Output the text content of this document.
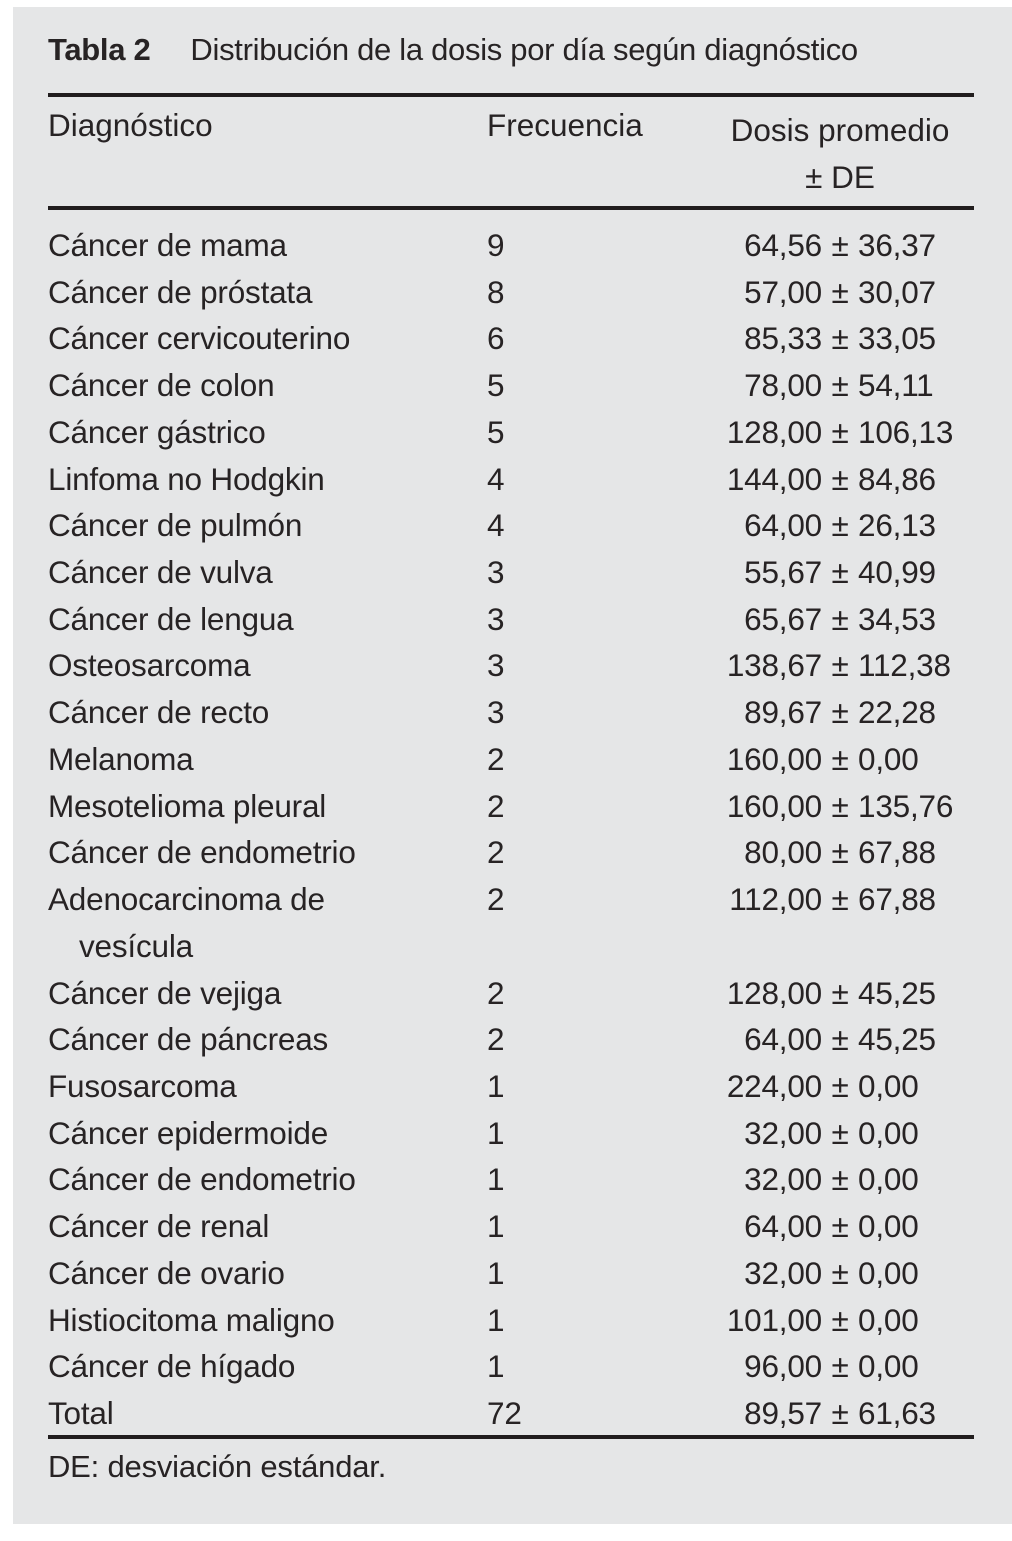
Tabla 2 Distribución de la dosis por día según diagnóstico
Diagnóstico	Frecuencia	Dosis promedio
± DE
Cáncer de mama	9	64,56 ± 36,37
Cáncer de próstata	8	57,00 ± 30,07
Cáncer cervicouterino	6	85,33 ± 33,05
Cáncer de colon	5	78,00 ± 54,11
Cáncer gástrico	5	128,00 ± 106,13
Linfoma no Hodgkin	4	144,00 ± 84,86
Cáncer de pulmón	4	64,00 ± 26,13
Cáncer de vulva	3	55,67 ± 40,99
Cáncer de lengua	3	65,67 ± 34,53
Osteosarcoma	3	138,67 ± 112,38
Cáncer de recto	3	89,67 ± 22,28
Melanoma	2	160,00 ± 0,00
Mesotelioma pleural	2	160,00 ± 135,76
Cáncer de endometrio	2	80,00 ± 67,88
Adenocarcinoma de	2	112,00 ± 67,88
vesícula
Cáncer de vejiga	2	128,00 ± 45,25
Cáncer de páncreas	2	64,00 ± 45,25
Fusosarcoma	1	224,00 ± 0,00
Cáncer epidermoide	1	32,00 ± 0,00
Cáncer de endometrio	1	32,00 ± 0,00
Cáncer de renal	1	64,00 ± 0,00
Cáncer de ovario	1	32,00 ± 0,00
Histiocitoma maligno	1	101,00 ± 0,00
Cáncer de hígado	1	96,00 ± 0,00
Total	72	89,57 ± 61,63
DE: desviación estándar.
